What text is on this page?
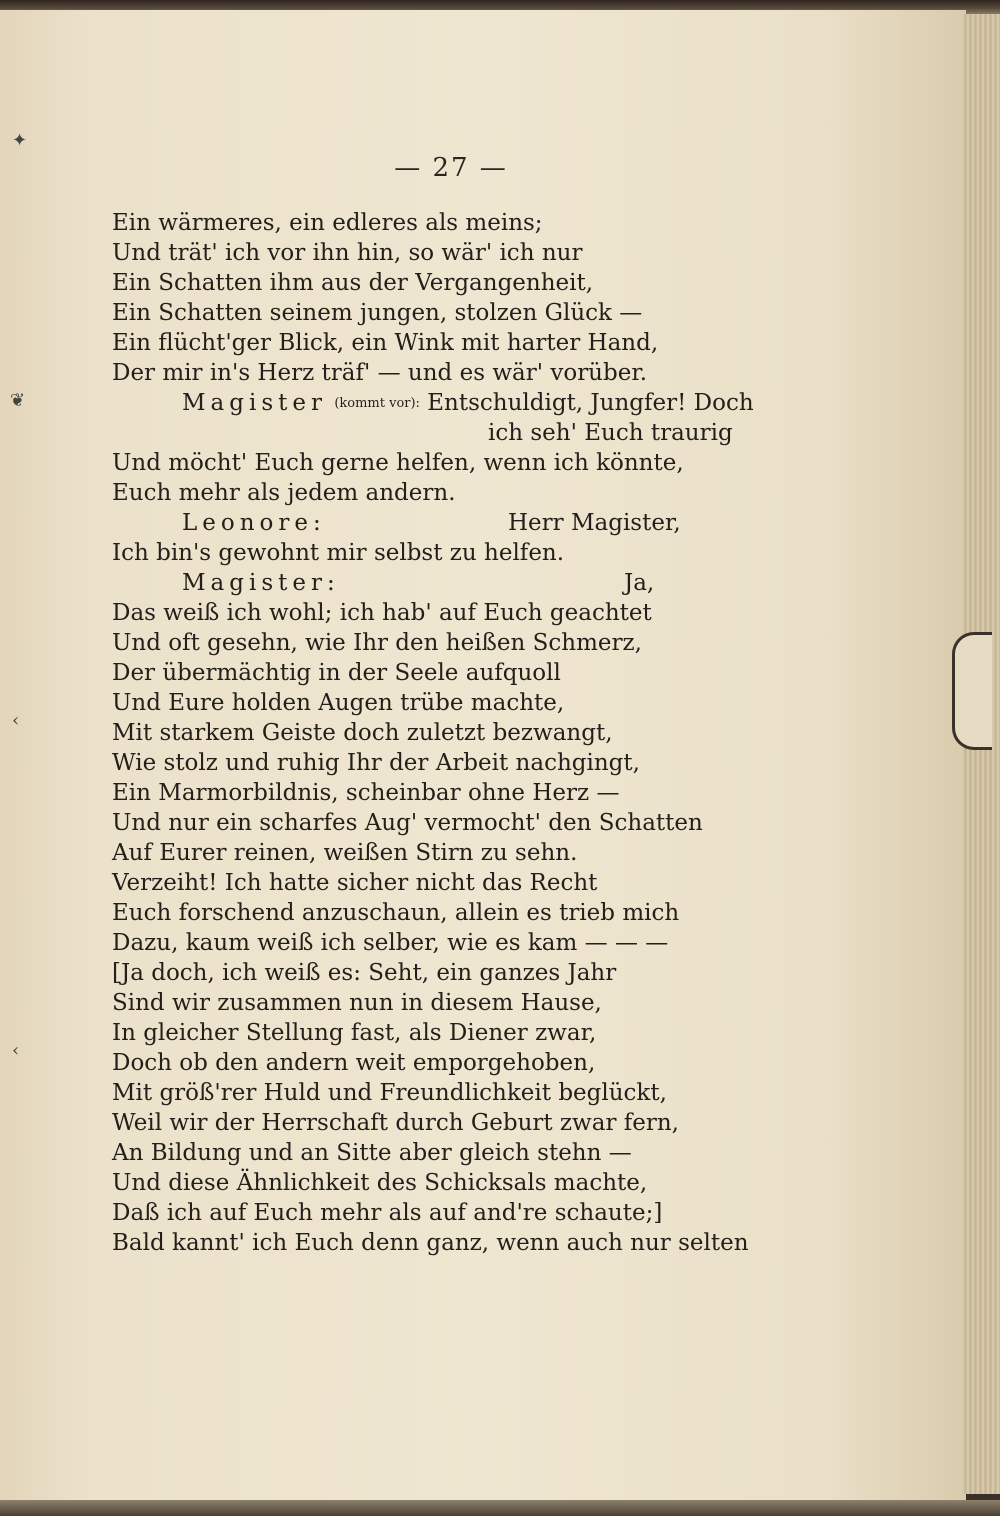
✦
❦
‹
‹
— 27 —
Ein wärmeres, ein edleres als meins;
Und trät' ich vor ihn hin, so wär' ich nur
Ein Schatten ihm aus der Vergangenheit,
Ein Schatten seinem jungen, stolzen Glück —
Ein flücht'ger Blick, ein Wink mit harter Hand,
Der mir in's Herz träf' — und es wär' vorüber.
Magister (kommt vor): Entschuldigt, Jungfer! Doch
ich seh' Euch traurig
Und möcht' Euch gerne helfen, wenn ich könnte,
Euch mehr als jedem andern.
Leonore:	Herr Magister,
Ich bin's gewohnt mir selbst zu helfen.
Magister:	Ja,
Das weiß ich wohl; ich hab' auf Euch geachtet
Und oft gesehn, wie Ihr den heißen Schmerz,
Der übermächtig in der Seele aufquoll
Und Eure holden Augen trübe machte,
Mit starkem Geiste doch zuletzt bezwangt,
Wie stolz und ruhig Ihr der Arbeit nachgingt,
Ein Marmorbildnis, scheinbar ohne Herz —
Und nur ein scharfes Aug' vermocht' den Schatten
Auf Eurer reinen, weißen Stirn zu sehn.
Verzeiht! Ich hatte sicher nicht das Recht
Euch forschend anzuschaun, allein es trieb mich
Dazu, kaum weiß ich selber, wie es kam — — —
[Ja doch, ich weiß es: Seht, ein ganzes Jahr
Sind wir zusammen nun in diesem Hause,
In gleicher Stellung fast, als Diener zwar,
Doch ob den andern weit emporgehoben,
Mit größ'rer Huld und Freundlichkeit beglückt,
Weil wir der Herrschaft durch Geburt zwar fern,
An Bildung und an Sitte aber gleich stehn —
Und diese Ähnlichkeit des Schicksals machte,
Daß ich auf Euch mehr als auf and're schaute;]
Bald kannt' ich Euch denn ganz, wenn auch nur selten
